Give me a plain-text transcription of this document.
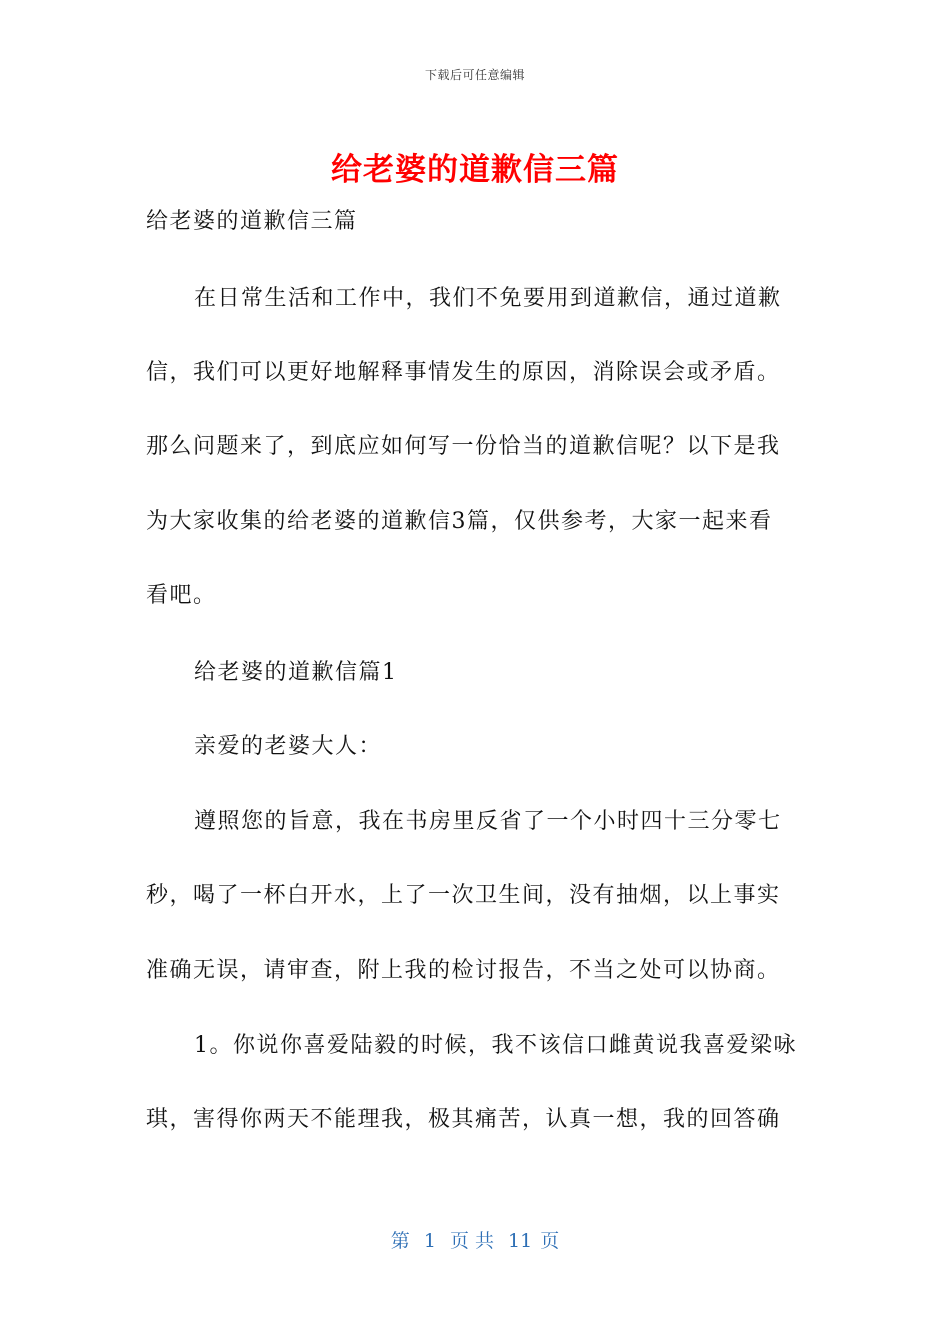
下载后可任意编辑
给老婆的道歉信三篇
给老婆的道歉信三篇
在日常生活和工作中，我们不免要用到道歉信，通过道歉
信，我们可以更好地解释事情发生的原因，消除误会或矛盾。
那么问题来了，到底应如何写一份恰当的道歉信呢？以下是我
为大家收集的给老婆的道歉信3篇，仅供参考，大家一起来看
看吧。
给老婆的道歉信篇1
亲爱的老婆大人：
遵照您的旨意，我在书房里反省了一个小时四十三分零七
秒，喝了一杯白开水，上了一次卫生间，没有抽烟，以上事实
准确无误，请审查，附上我的检讨报告，不当之处可以协商。
1。你说你喜爱陆毅的时候，我不该信口雌黄说我喜爱梁咏
琪，害得你两天不能理我，极其痛苦，认真一想，我的回答确
第 1 页 共 11 页
